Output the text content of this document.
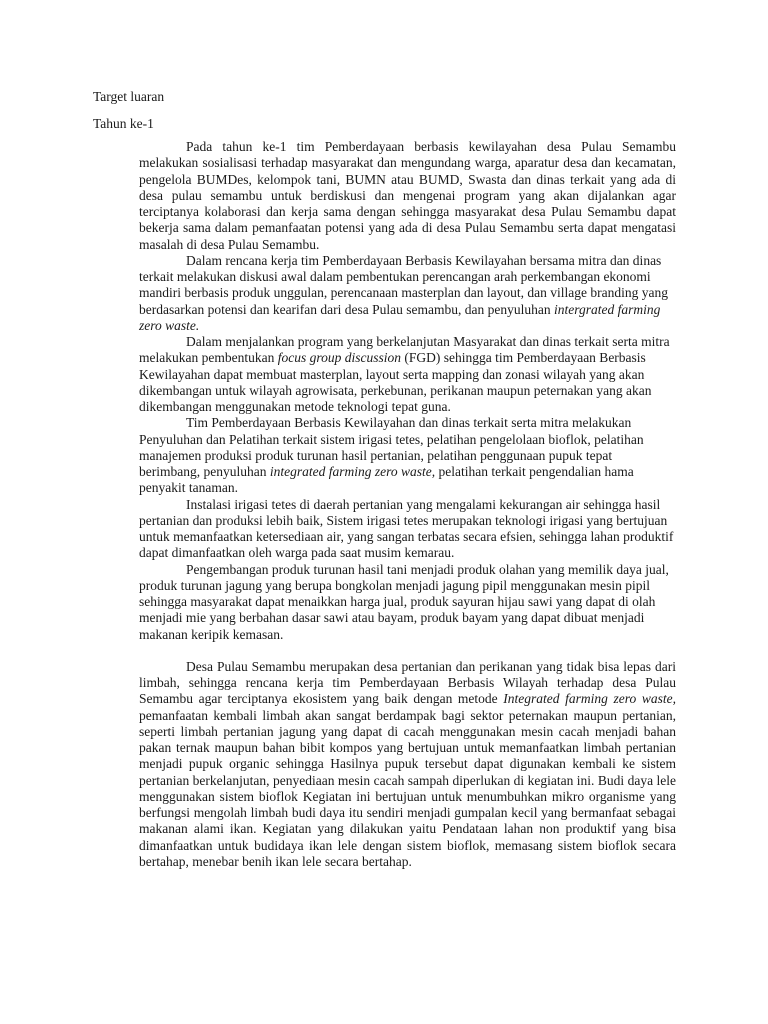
Target luaran

Tahun ke-1

Pada tahun ke-1 tim Pemberdayaan berbasis kewilayahan desa Pulau Semambu melakukan sosialisasi terhadap masyarakat dan mengundang warga, aparatur desa dan kecamatan, pengelola BUMDes, kelompok tani, BUMN atau BUMD, Swasta dan dinas terkait yang ada di desa pulau semambu untuk berdiskusi dan mengenai program yang akan dijalankan agar terciptanya kolaborasi dan kerja sama dengan sehingga masyarakat desa Pulau Semambu dapat bekerja sama dalam pemanfaatan potensi yang ada di desa Pulau Semambu serta dapat mengatasi masalah di desa Pulau Semambu.

Dalam rencana kerja tim Pemberdayaan Berbasis Kewilayahan bersama mitra dan dinas terkait melakukan diskusi awal dalam pembentukan perencangan arah perkembangan ekonomi mandiri berbasis produk unggulan, perencanaan masterplan dan layout, dan village branding yang berdasarkan potensi dan kearifan dari desa Pulau semambu, dan penyuluhan intergrated farming zero waste.

Dalam menjalankan program yang berkelanjutan Masyarakat dan dinas terkait serta mitra melakukan pembentukan focus group discussion (FGD) sehingga tim Pemberdayaan Berbasis Kewilayahan dapat membuat masterplan, layout serta mapping dan zonasi wilayah yang akan dikembangan untuk wilayah agrowisata, perkebunan, perikanan maupun peternakan yang akan dikembangan menggunakan metode teknologi tepat guna.

Tim Pemberdayaan Berbasis Kewilayahan dan dinas terkait serta mitra melakukan Penyuluhan dan Pelatihan terkait sistem irigasi tetes, pelatihan pengelolaan bioflok, pelatihan manajemen produksi produk turunan hasil pertanian, pelatihan penggunaan pupuk tepat berimbang, penyuluhan integrated farming zero waste, pelatihan terkait pengendalian hama penyakit tanaman.

Instalasi irigasi tetes di daerah pertanian yang mengalami kekurangan air sehingga hasil pertanian dan produksi lebih baik, Sistem irigasi tetes merupakan teknologi irigasi yang bertujuan untuk memanfaatkan ketersediaan air, yang sangan terbatas secara efsien, sehingga lahan produktif dapat dimanfaatkan oleh warga pada saat musim kemarau.

Pengembangan produk turunan hasil tani menjadi produk olahan yang memilik daya jual, produk turunan jagung yang berupa bongkolan menjadi jagung pipil menggunakan mesin pipil sehingga masyarakat dapat menaikkan harga jual, produk sayuran hijau sawi yang dapat di olah menjadi mie yang berbahan dasar sawi atau bayam, produk bayam yang dapat dibuat menjadi makanan keripik kemasan.

Desa Pulau Semambu merupakan desa pertanian dan perikanan yang tidak bisa lepas dari limbah, sehingga rencana kerja tim Pemberdayaan Berbasis Wilayah terhadap desa Pulau Semambu agar terciptanya ekosistem yang baik dengan metode Integrated farming zero waste, pemanfaatan kembali limbah akan sangat berdampak bagi sektor peternakan maupun pertanian, seperti limbah pertanian jagung yang dapat di cacah menggunakan mesin cacah menjadi bahan pakan ternak maupun bahan bibit kompos yang bertujuan untuk memanfaatkan limbah pertanian menjadi pupuk organic sehingga Hasilnya pupuk tersebut dapat digunakan kembali ke sistem pertanian berkelanjutan, penyediaan mesin cacah sampah diperlukan di kegiatan ini. Budi daya lele menggunakan sistem bioflok Kegiatan ini bertujuan untuk menumbuhkan mikro organisme yang berfungsi mengolah limbah budi daya itu sendiri menjadi gumpalan kecil yang bermanfaat sebagai makanan alami ikan. Kegiatan yang dilakukan yaitu Pendataan lahan non produktif yang bisa dimanfaatkan untuk budidaya ikan lele dengan sistem bioflok, memasang sistem bioflok secara bertahap, menebar benih ikan lele secara bertahap.
